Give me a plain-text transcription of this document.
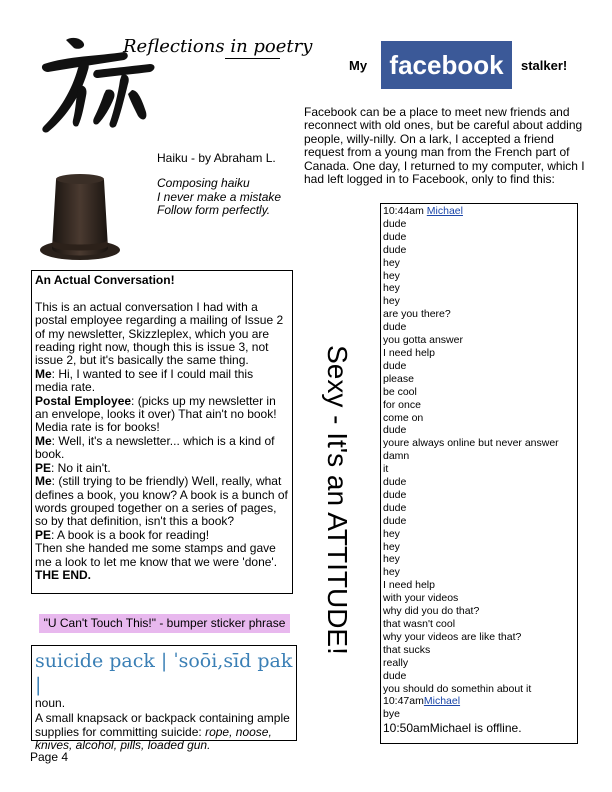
Reflections in poetry
Haiku - by Abraham L.
Composing haiku
I never make a mistake
Follow form perfectly.

An Actual Conversation!

This is an actual conversation I had with a postal employee regarding a mailing of Issue 2 of my newsletter, Skizzleplex, which you are reading right now, though this is issue 3, not issue 2, but it's basically the same thing.

Me: Hi, I wanted to see if I could mail this media rate.

Postal Employee: (picks up my newsletter in an envelope, looks it over) That ain't no book! Media rate is for books!

Me: Well, it's a newsletter... which is a kind of book.

PE: No it ain't.

Me: (still trying to be friendly) Well, really, what defines a book, you know? A book is a bunch of words grouped together on a series of pages, so by that definition, isn't this a book?

PE: A book is a book for reading!

Then she handed me some stamps and gave me a look to let me know that we were 'done'.

THE END.

"U Can't Touch This!" - bumper sticker phrase
suicide pack | ˈsoōi,sīd pak |
noun.
A small knapsack or backpack containing ample supplies for committing suicide: rope, noose, knives, alcohol, pills, loaded gun.
Page 4
My facebook	stalker!
Facebook can be a place to meet new friends and reconnect with old ones, but be careful about adding people, willy-nilly. On a lark, I accepted a friend request from a young man from the French part of Canada. One day, I returned to my computer, which I had left logged in to Facebook, only to find this:
Sexy - It's an ATTITUDE!
10:44am Michael
dude
dude
dude
hey
hey
hey
hey
are you there?
dude
you gotta answer
I need help
dude
please
be cool
for once
come on
dude
youre always online but never answer
damn
it
dude
dude
dude
dude
hey
hey
hey
hey
I need help
with your videos
why did you do that?
that wasn't cool
why your videos are like that?
that sucks
really
dude
you should do somethin about it
10:47amMichael
bye
10:50amMichael is offline.
